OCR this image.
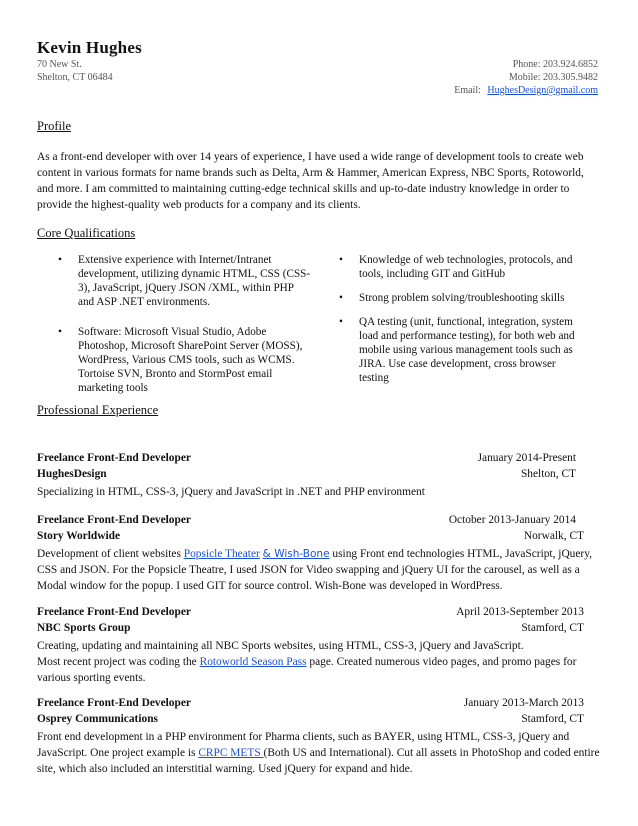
Kevin Hughes
70 New St.
Shelton, CT 06484
Phone: 203.924.6852
Mobile: 203.305.9482
Email: HughesDesign@gmail.com
Profile
As a front-end developer with over 14 years of experience, I have used a wide range of development tools to create web content in various formats for name brands such as Delta, Arm & Hammer, American Express, NBC Sports, Rotoworld, and more. I am committed to maintaining cutting-edge technical skills and up-to-date industry knowledge in order to provide the highest-quality web products for a company and its clients.
Core Qualifications
• Extensive experience with Internet/Intranet development, utilizing dynamic HTML, CSS (CSS-3), JavaScript, jQuery JSON /XML, within PHP and ASP .NET environments.
• Software: Microsoft Visual Studio, Adobe Photoshop, Microsoft SharePoint Server (MOSS), WordPress, Various CMS tools, such as WCMS. Tortoise SVN, Bronto and StormPost email marketing tools
• Knowledge of web technologies, protocols, and tools, including GIT and GitHub
• Strong problem solving/troubleshooting skills
• QA testing (unit, functional, integration, system load and performance testing), for both web and mobile using various management tools such as JIRA. Use case development, cross browser testing
Professional Experience
Freelance Front-End Developer	January 2014-Present
HughesDesign	Shelton, CT
Specializing in HTML, CSS-3, jQuery and JavaScript in .NET and PHP environment
Freelance Front-End Developer	October 2013-January 2014
Story Worldwide	Norwalk, CT
Development of client websites Popsicle Theater & Wish-Bone using Front end technologies HTML, JavaScript, jQuery, CSS and JSON. For the Popsicle Theatre, I used JSON for Video swapping and jQuery UI for the carousel, as well as a Modal window for the popup. I used GIT for source control. Wish-Bone was developed in WordPress.
Freelance Front-End Developer	April 2013-September 2013
NBC Sports Group	Stamford, CT
Creating, updating and maintaining all NBC Sports websites, using HTML, CSS-3, jQuery and JavaScript.
Most recent project was coding the Rotoworld Season Pass page. Created numerous video pages, and promo pages for various sporting events.
Freelance Front-End Developer	January 2013-March 2013
Osprey Communications	Stamford, CT
Front end development in a PHP environment for Pharma clients, such as BAYER, using HTML, CSS-3, jQuery and JavaScript. One project example is CRPC METS (Both US and International). Cut all assets in PhotoShop and coded entire site, which also included an interstitial warning. Used jQuery for expand and hide.
